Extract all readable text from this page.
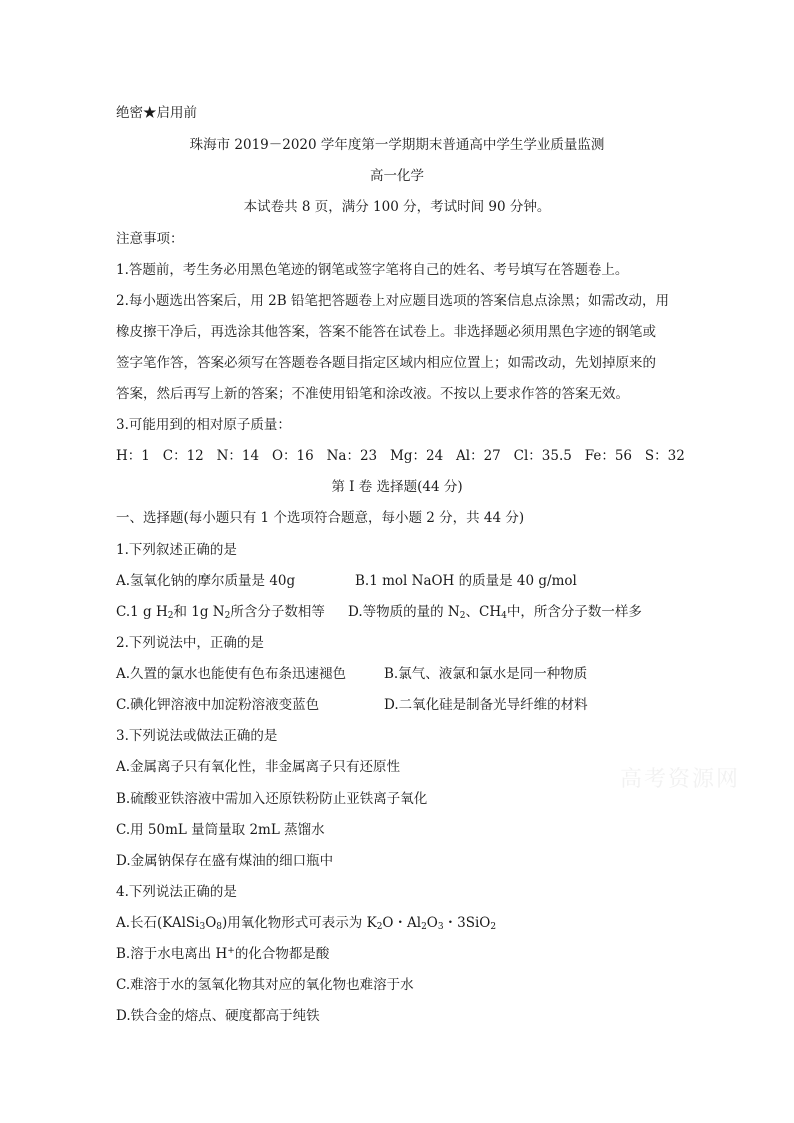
绝密★启用前
珠海市 2019－2020 学年度第一学期期末普通高中学生学业质量监测
高一化学
本试卷共 8 页，满分 100 分，考试时间 90 分钟。
注意事项：
1.答题前，考生务必用黑色笔迹的钢笔或签字笔将自己的姓名、考号填写在答题卷上。
2.每小题选出答案后，用 2B 铅笔把答题卷上对应题目选项的答案信息点涂黑；如需改动，用
橡皮擦干净后，再选涂其他答案，答案不能答在试卷上。非选择题必须用黑色字迹的钢笔或
签字笔作答，答案必须写在答题卷各题目指定区域内相应位置上；如需改动，先划掉原来的
答案，然后再写上新的答案；不准使用铅笔和涂改液。不按以上要求作答的答案无效。
3.可能用到的相对原子质量：
H：1   C：12   N：14   O：16   Na：23   Mg：24   Al：27   Cl：35.5   Fe：56   S：32
第 I 卷 选择题(44 分)
一、选择题(每小题只有 1 个选项符合题意，每小题 2 分，共 44 分)
1.下列叙述正确的是
A.氢氧化钠的摩尔质量是 40g	B.1 mol NaOH 的质量是 40 g/mol
C.1 g $H_2$和 1g $N_2$所含分子数相等 D.等物质的量的 $N_2$、$CH_4$中，所含分子数一样多
2.下列说法中，正确的是
A.久置的氯水也能使有色布条迅速褪色	B.氯气、液氯和氯水是同一种物质
C.碘化钾溶液中加淀粉溶液变蓝色	D.二氧化硅是制备光导纤维的材料
3.下列说法或做法正确的是
A.金属离子只有氧化性，非金属离子只有还原性
B.硫酸亚铁溶液中需加入还原铁粉防止亚铁离子氧化
C.用 50mL 量筒量取 2mL 蒸馏水
D.金属钠保存在盛有煤油的细口瓶中
4.下列说法正确的是
A.长石$(KAlSi_3O_8)$用氧化物形式可表示为 $K_2O$・$Al_2O_3$・3SiO$_2$
B.溶于水电离出 H+的化合物都是酸
C.难溶于水的氢氧化物其对应的氧化物也难溶于水
D.铁合金的熔点、硬度都高于纯铁
高考资源网
